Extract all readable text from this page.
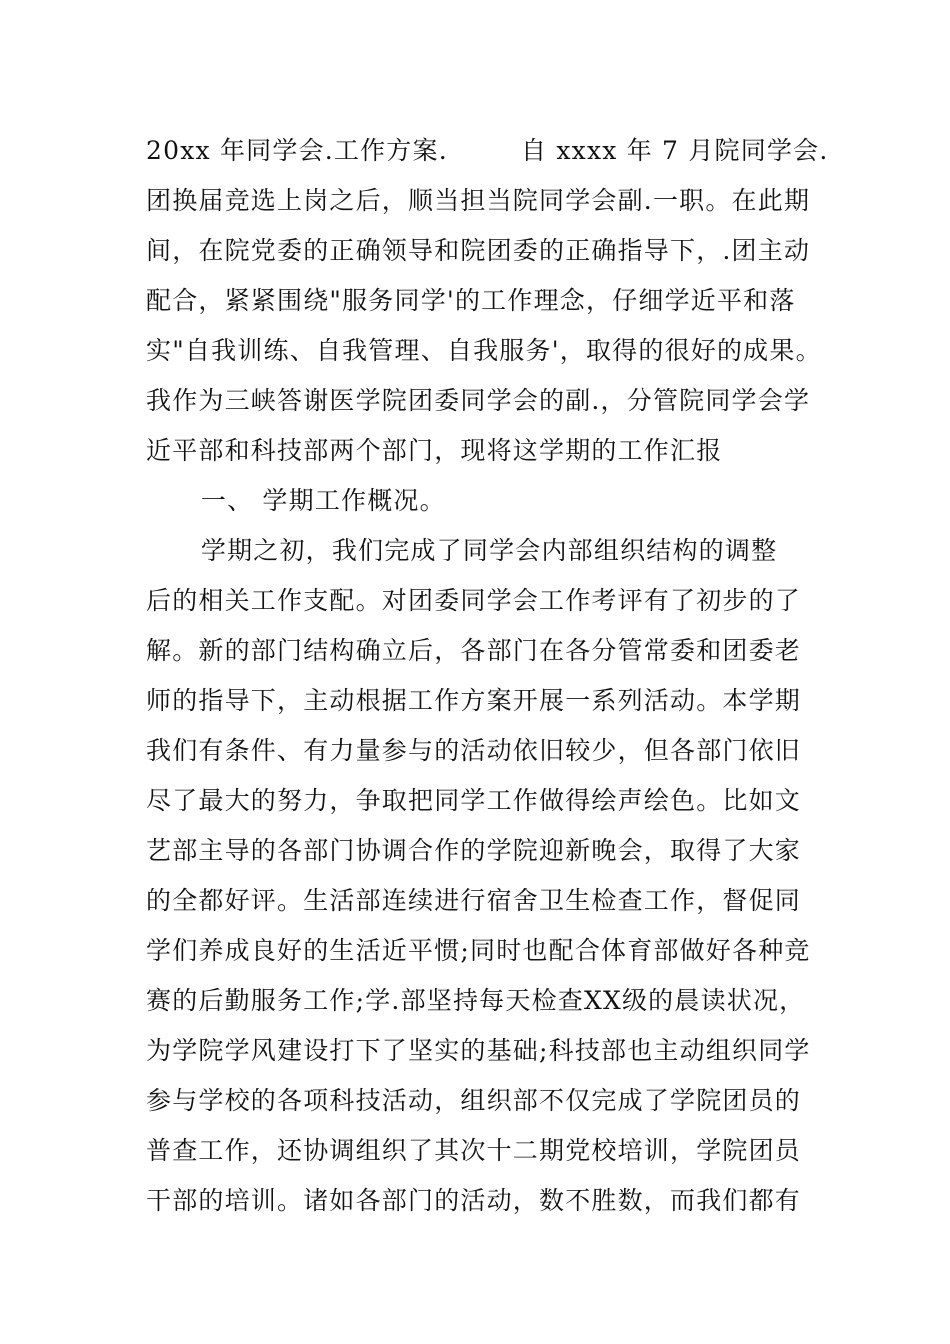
20xx 年同学会.工作方案.        自 xxxx 年 7 月院同学会.
团换届竞选上岗之后，顺当担当院同学会副.一职。在此期
间，在院党委的正确领导和院团委的正确指导下，.团主动
配合，紧紧围绕"服务同学'的工作理念，仔细学近平和落
实"自我训练、自我管理、自我服务'，取得的很好的成果。
我作为三峡答谢医学院团委同学会的副.，分管院同学会学
近平部和科技部两个部门，现将这学期的工作汇报
一、 学期工作概况。
学期之初，我们完成了同学会内部组织结构的调整
后的相关工作支配。对团委同学会工作考评有了初步的了
解。新的部门结构确立后，各部门在各分管常委和团委老
师的指导下，主动根据工作方案开展一系列活动。本学期
我们有条件、有力量参与的活动依旧较少，但各部门依旧
尽了最大的努力，争取把同学工作做得绘声绘色。比如文
艺部主导的各部门协调合作的学院迎新晚会，取得了大家
的全都好评。生活部连续进行宿舍卫生检查工作，督促同
学们养成良好的生活近平惯;同时也配合体育部做好各种竞
赛的后勤服务工作;学.部坚持每天检查XX级的晨读状况，
为学院学风建设打下了坚实的基础;科技部也主动组织同学
参与学校的各项科技活动，组织部不仅完成了学院团员的
普查工作，还协调组织了其次十二期党校培训，学院团员
干部的培训。诸如各部门的活动，数不胜数，而我们都有
